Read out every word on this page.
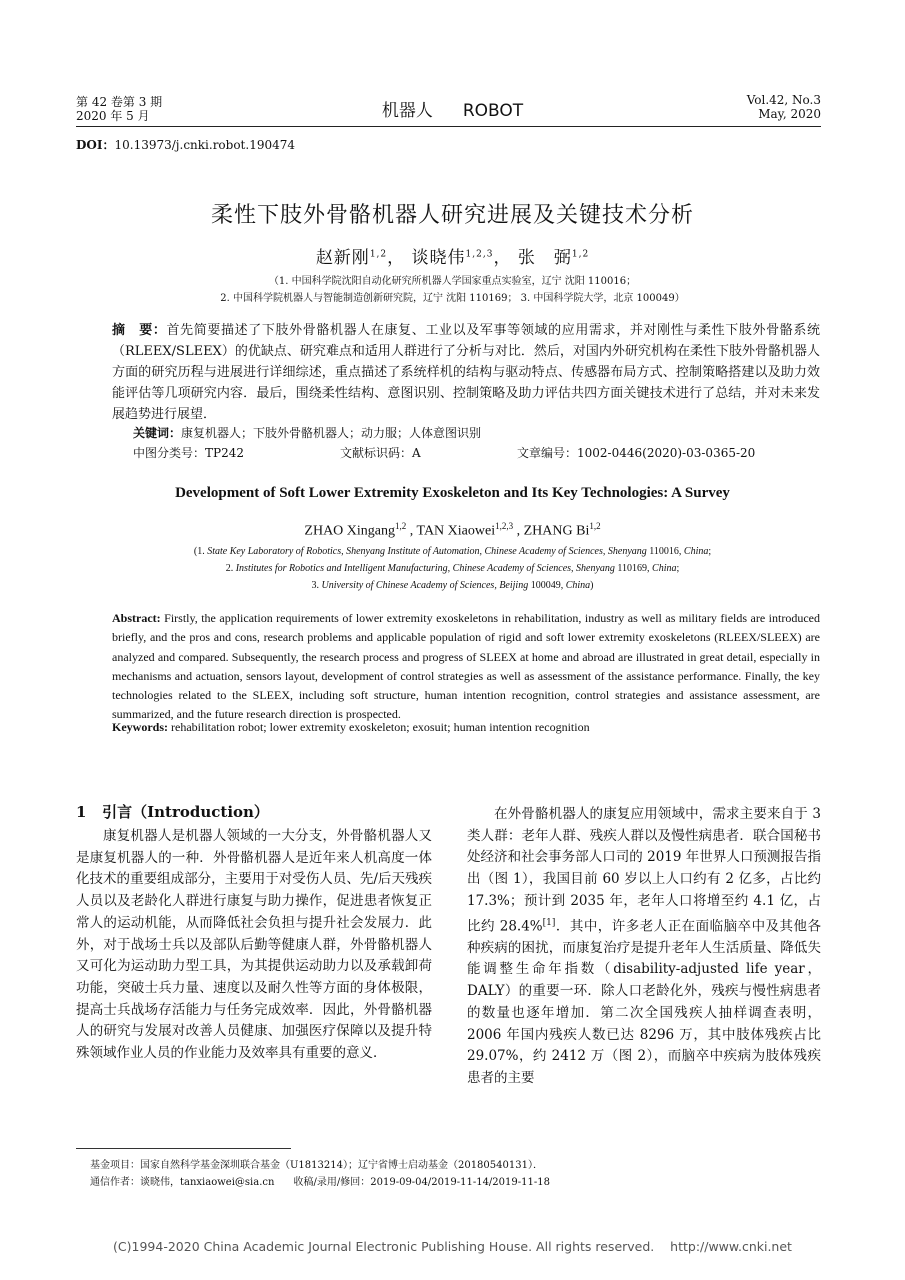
第 42 卷第 3 期
2020 年 5 月	机器人 ROBOT
Vol.42, No.3
May, 2020
DOI：10.13973/j.cnki.robot.190474
柔性下肢外骨骼机器人研究进展及关键技术分析
赵新刚$^{1,2}$， 谈晓伟$^{1,2,3}$， 张　弼$^{1,2}$
（1. 中国科学院沈阳自动化研究所机器人学国家重点实验室，辽宁 沈阳 110016；
2. 中国科学院机器人与智能制造创新研究院，辽宁 沈阳 110169； 3. 中国科学院大学，北京 100049）
摘　要：首先简要描述了下肢外骨骼机器人在康复、工业以及军事等领域的应用需求，并对刚性与柔性下肢外骨骼系统（RLEEX/SLEEX）的优缺点、研究难点和适用人群进行了分析与对比．然后，对国内外研究机构在柔性下肢外骨骼机器人方面的研究历程与进展进行详细综述，重点描述了系统样机的结构与驱动特点、传感器布局方式、控制策略搭建以及助力效能评估等几项研究内容．最后，围绕柔性结构、意图识别、控制策略及助力评估共四方面关键技术进行了总结，并对未来发展趋势进行展望．
关键词：康复机器人；下肢外骨骼机器人；动力服；人体意图识别
中图分类号：TP242	文献标识码：A	文章编号：1002-0446(2020)-03-0365-20
Development of Soft Lower Extremity Exoskeleton and Its Key Technologies: A Survey
ZHAO Xingang$^{1,2}$ , TAN Xiaowei$^{1,2,3}$ , ZHANG Bi$^{1,2}$
(1. State Key Laboratory of Robotics, Shenyang Institute of Automation, Chinese Academy of Sciences, Shenyang 110016, China;
2. Institutes for Robotics and Intelligent Manufacturing, Chinese Academy of Sciences, Shenyang 110169, China;
3. University of Chinese Academy of Sciences, Beijing 100049, China)
Abstract: Firstly, the application requirements of lower extremity exoskeletons in rehabilitation, industry as well as military fields are introduced briefly, and the pros and cons, research problems and applicable population of rigid and soft lower extremity exoskeletons (RLEEX/SLEEX) are analyzed and compared. Subsequently, the research process and progress of SLEEX at home and abroad are illustrated in great detail, especially in mechanisms and actuation, sensors layout, development of control strategies as well as assessment of the assistance performance. Finally, the key technologies related to the SLEEX, including soft structure, human intention recognition, control strategies and assistance assessment, are summarized, and the future research direction is prospected.
Keywords: rehabilitation robot; lower extremity exoskeleton; exosuit; human intention recognition
1 引言（Introduction）
康复机器人是机器人领域的一大分支，外骨骼机器人又是康复机器人的一种．外骨骼机器人是近年来人机高度一体化技术的重要组成部分，主要用于对受伤人员、先/后天残疾人员以及老龄化人群进行康复与助力操作，促进患者恢复正常人的运动机能，从而降低社会负担与提升社会发展力．此外，对于战场士兵以及部队后勤等健康人群，外骨骼机器人又可化为运动助力型工具，为其提供运动助力以及承载卸荷功能，突破士兵力量、速度以及耐久性等方面的身体极限，提高士兵战场存活能力与任务完成效率．因此，外骨骼机器人的研究与发展对改善人员健康、加强医疗保障以及提升特殊领域作业人员的作业能力及效率具有重要的意义．
在外骨骼机器人的康复应用领域中，需求主要来自于 3 类人群：老年人群、残疾人群以及慢性病患者．联合国秘书处经济和社会事务部人口司的 2019 年世界人口预测报告指出（图 1），我国目前 60 岁以上人口约有 2 亿多，占比约 17.3%；预计到 2035 年，老年人口将增至约 4.1 亿，占比约 28.4%[1]．其中，许多老人正在面临脑卒中及其他各种疾病的困扰，而康复治疗是提升老年人生活质量、降低失能调整生命年指数（disability-adjusted life year，DALY）的重要一环．除人口老龄化外，残疾与慢性病患者的数量也逐年增加．第二次全国残疾人抽样调查表明，2006 年国内残疾人数已达 8296 万，其中肢体残疾占比 29.07%，约 2412 万（图 2），而脑卒中疾病为肢体残疾患者的主要
基金项目：国家自然科学基金深圳联合基金（U1813214）；辽宁省博士启动基金（20180540131）．
通信作者：谈晓伟，tanxiaowei@sia.cn 收稿/录用/修回：2019-09-04/2019-11-14/2019-11-18
(C)1994-2020 China Academic Journal Electronic Publishing House. All rights reserved.    http://www.cnki.net
